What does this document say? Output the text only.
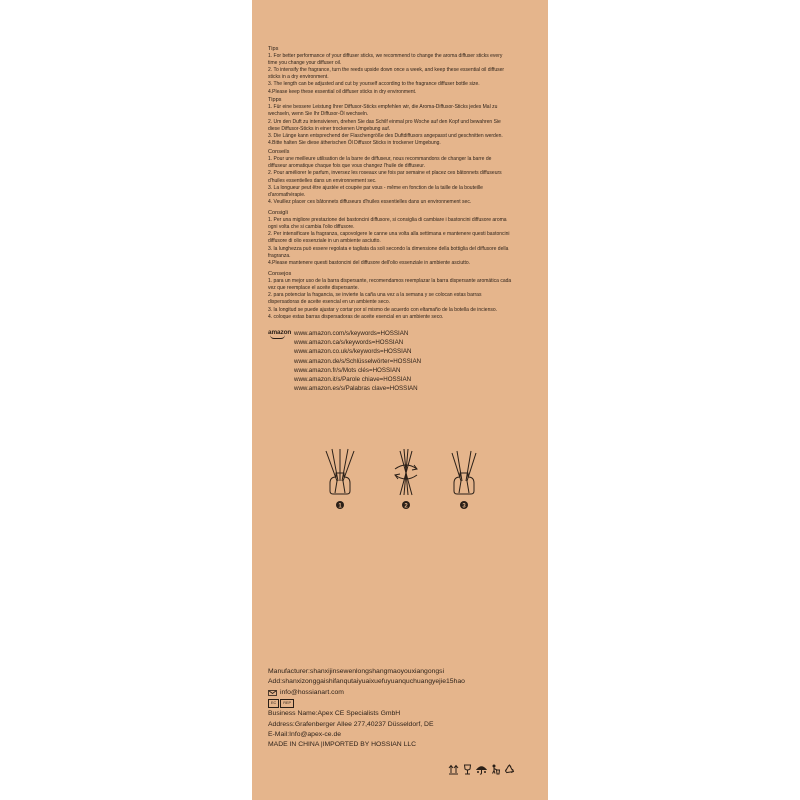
Tips
1. For better performance of your diffuser sticks, we recommend to change the aroma diffuser sticks every
time you change your diffuser oil.
2. To intensify the fragrance, turn the reeds upside down once a week, and keep these essential oil diffuser
sticks in a dry environment.
3. The length can be adjusted and cut by yourself according to the fragrance diffuser bottle size.
4.Please keep these essential oil diffuser sticks in dry environment.
Tipps
1. Für eine bessere Leistung Ihrer Diffusor-Sticks empfehlen wir, die Aroma-Diffusor-Sticks jedes Mal zu
wechseln, wenn Sie Ihr Diffusor-Öl wechseln.
2. Um den Duft zu intensivieren, drehen Sie das Schilf einmal pro Woche auf den Kopf und bewahren Sie
diese Diffusor-Sticks in einer trockenen Umgebung auf.
3. Die Länge kann entsprechend der Flaschengröße des Duftdiffusors angepasst und geschnitten werden.
4.Bitte halten Sie diese ätherischen Öl Diffusor Sticks in trockener Umgebung.
Conseils
1. Pour une meilleure utilisation de la barre de diffuseur, nous recommandons de changer la barre de
diffuseur aromatique chaque fois que vous changez l'huile de diffuseur.
2. Pour améliorer le parfum, inversez les roseaux une fois par semaine et placez ces bâtonnets diffuseurs
d'huiles essentielles dans un environnement sec.
3. La longueur peut être ajustée et coupée par vous - même en fonction de la taille de la bouteille
d'aromathérapie.
4. Veuillez placer ces bâtonnets diffuseurs d'huiles essentielles dans un environnement sec.
Consigli
1. Per una migliore prestazione dei bastoncini diffusore, si consiglia di cambiare i bastoncini diffusore aroma
ogni volta che si cambia l'olio diffusore.
2. Per intensificare la fragranza, capovolgere le canne una volta alla settimana e mantenere questi bastoncini
diffusore di olio essenziale in un ambiente asciutto.
3. la lunghezza può essere regolata e tagliata da soli secondo la dimensione della bottiglia del diffusore della
fragranza.
4.Please mantenere questi bastoncini del diffusore dell'olio essenziale in ambiente asciutto.
Consejos
1. para un mejor uso de la barra dispersante, recomendamos reemplazar la barra dispersante aromática cada
vez que reemplace el aceite dispersante.
2. para potenciar la fragancia, se invierte la caña una vez a la semana y se colocan estas barras
dispersadoras de aceite esencial en un ambiente seco.
3. la longitud se puede ajustar y cortar por sí mismo de acuerdo con eltamaño de la botella de incienso.
4. coloque estas barras dispersadoras de aceite esencial en un ambiente seco.
amazon www.amazon.com/s/keywords=HOSSIAN
www.amazon.ca/s/keywords=HOSSIAN
www.amazon.co.uk/s/keywords=HOSSIAN
www.amazon.de/s/Schlüsselwörter=HOSSIAN
www.amazon.fr/s/Mots clés=HOSSIAN
www.amazon.it/s/Parole chiave=HOSSIAN
www.amazon.es/s/Palabras clave=HOSSIAN
1	2	3
Manufacturer:shanxijinsewenlongshangmaoyouxiangongsi
Add:shanxizonggaishifanqutaiyuaixuefuyuanquchuangyejie15hao
info@hossianart.com
EC	REP
Business Name:Apex CE Specialists GmbH
Address:Grafenberger Allee 277,40237 Düsseldorf, DE
E-Mail:Info@apex-ce.de
MADE IN CHINA |IMPORTED BY HOSSIAN LLC
